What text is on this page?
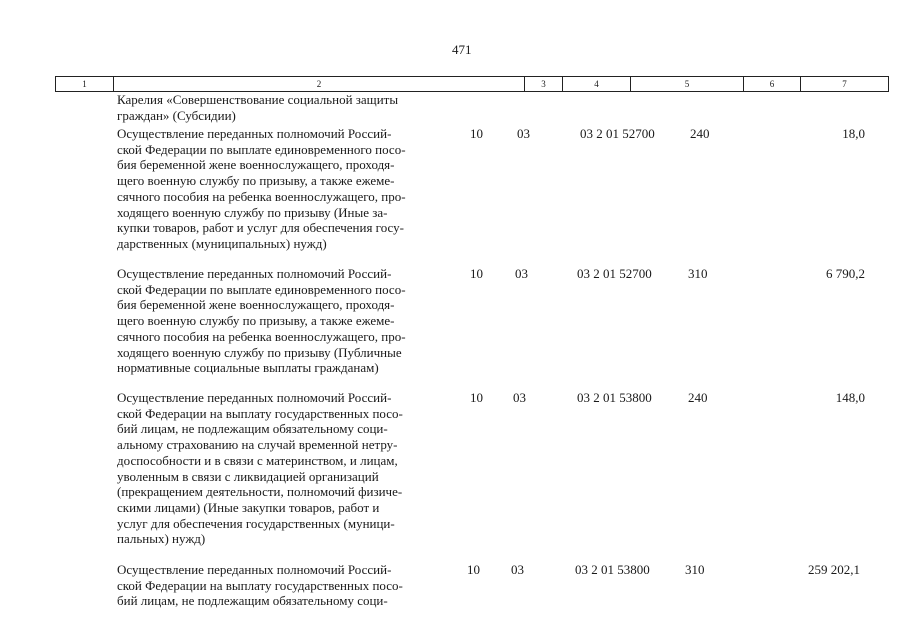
471
1	2	3	4	5	6	7
Карелия «Совершенствование социальной защиты
граждан» (Субсидии)
Осуществление переданных полномочий Россий-
ской Федерации по выплате единовременного посо-
бия беременной жене военнослужащего, проходя-
щего военную службу по призыву, а также ежеме-
сячного пособия на ребенка военнослужащего, про-
ходящего военную службу по призыву (Иные за-
купки товаров, работ и услуг для обеспечения госу-
дарственных (муниципальных) нужд)
10	03	03 2 01 52700	240	18,0
Осуществление переданных полномочий Россий-
ской Федерации по выплате единовременного посо-
бия беременной жене военнослужащего, проходя-
щего военную службу по призыву, а также ежеме-
сячного пособия на ребенка военнослужащего, про-
ходящего военную службу по призыву (Публичные
нормативные социальные выплаты гражданам)
10 03	03 2 01 52700	310	6 790,2
Осуществление переданных полномочий Россий-
ской Федерации на выплату государственных посо-
бий лицам, не подлежащим обязательному соци-
альному страхованию на случай временной нетру-
доспособности и в связи с материнством, и лицам,
уволенным в связи с ликвидацией организаций
(прекращением деятельности, полномочий физиче-
скими лицами) (Иные закупки товаров, работ и
услуг для обеспечения государственных (муници-
пальных) нужд)
10 03	03 2 01 53800	240	148,0
Осуществление переданных полномочий Россий-
ской Федерации на выплату государственных посо-
бий лицам, не подлежащим обязательному соци-
10 03	03 2 01 53800	310	259 202,1
